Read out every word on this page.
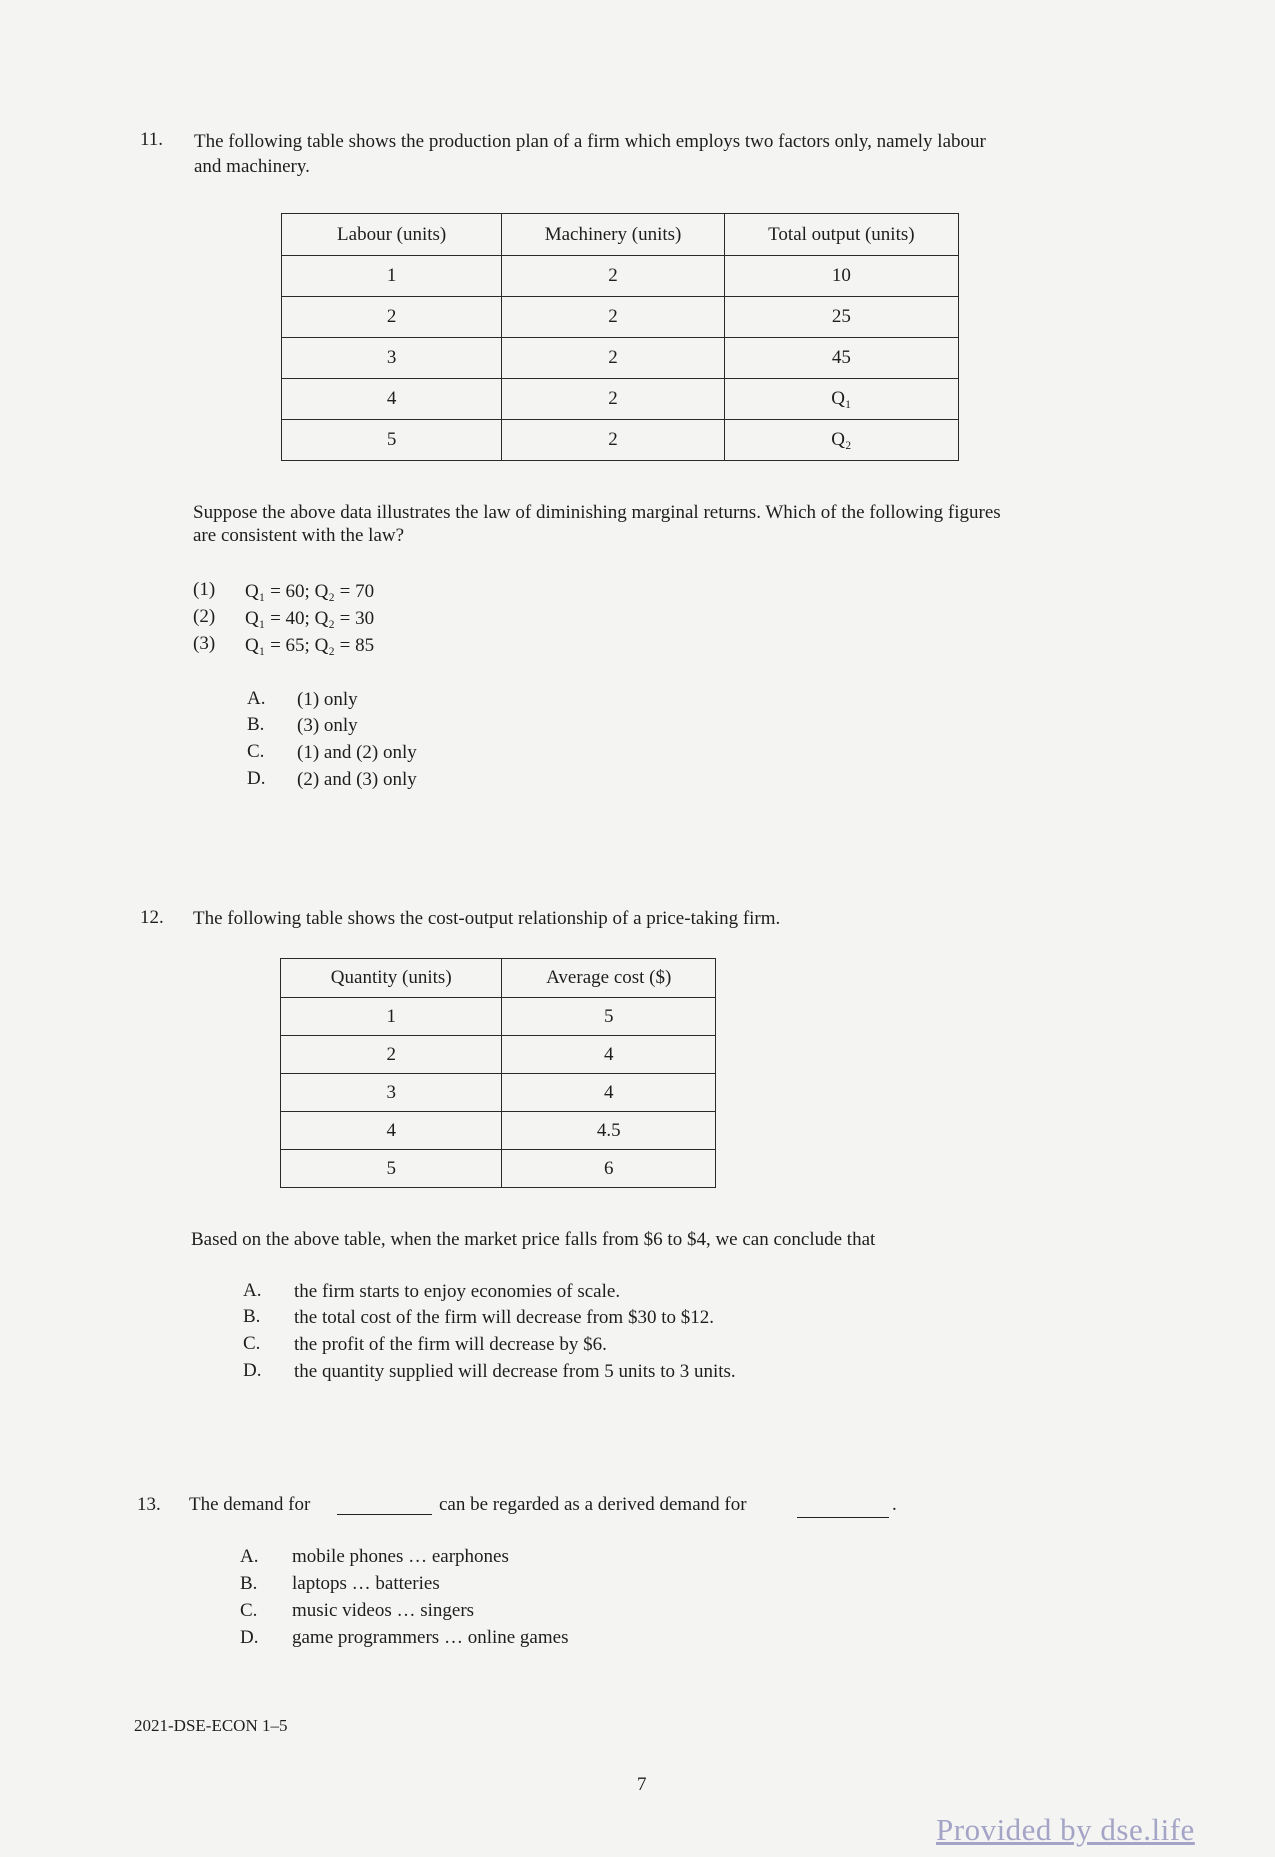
11. The following table shows the production plan of a firm which employs two factors only, namely labour
and machinery.
Labour (units)	Machinery (units)	Total output (units)
1	2	10
2	2	25
3	2	45
4	2	Q₁
5	2	Q₂
Suppose the above data illustrates the law of diminishing marginal returns. Which of the following figures
are consistent with the law?
(1) Q₁ = 60; Q₂ = 70
(2) Q₁ = 40; Q₂ = 30
(3) Q₁ = 65; Q₂ = 85
A. (1) only
B. (3) only
C. (1) and (2) only
D. (2) and (3) only
12. The following table shows the cost-output relationship of a price-taking firm.
Quantity (units)	Average cost ($)
1	5
2	4
3	4
4	4.5
5	6
Based on the above table, when the market price falls from $6 to $4, we can conclude that
A. the firm starts to enjoy economies of scale.
B. the total cost of the firm will decrease from $30 to $12.
C. the profit of the firm will decrease by $6.
D. the quantity supplied will decrease from 5 units to 3 units.
13. The demand for	can be regarded as a derived demand for	.
A. mobile phones … earphones
B. laptops … batteries
C. music videos … singers
D. game programmers … online games
2021-DSE-ECON 1–5
7
Provided by dse.life
